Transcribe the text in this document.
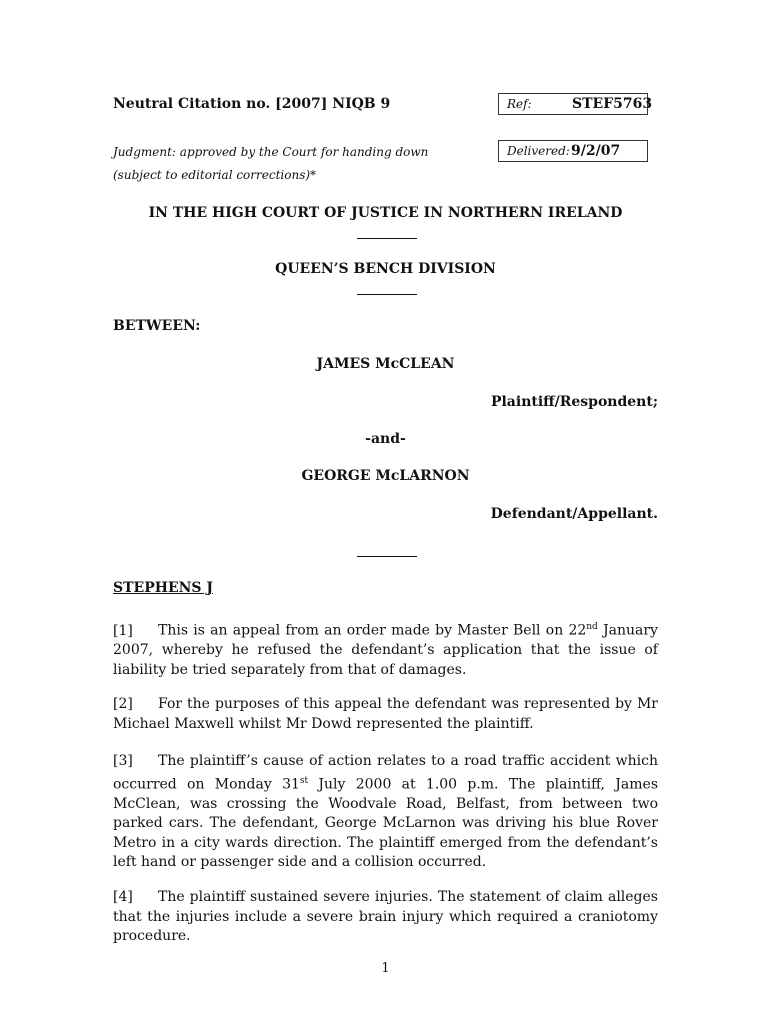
Neutral Citation no. [2007] NIQB 9
Judgment: approved by the Court for handing down
(subject to editorial corrections)*
Ref:	STEF5763
Delivered: 9/2/07
IN THE HIGH COURT OF JUSTICE IN NORTHERN IRELAND
QUEEN’S BENCH DIVISION
BETWEEN:
JAMES McCLEAN
Plaintiff/Respondent;
-and-
GEORGE McLARNON
Defendant/Appellant.
STEPHENS J
[1] This is an appeal from an order made by Master Bell on 22nd January 2007, whereby he refused the defendant’s application that the issue of liability be tried separately from that of damages.
[2] For the purposes of this appeal the defendant was represented by Mr Michael Maxwell whilst Mr Dowd represented the plaintiff.
[3] The plaintiff’s cause of action relates to a road traffic accident which occurred on Monday 31st July 2000 at 1.00 p.m. The plaintiff, James McClean, was crossing the Woodvale Road, Belfast, from between two parked cars. The defendant, George McLarnon was driving his blue Rover Metro in a city wards direction. The plaintiff emerged from the defendant’s left hand or passenger side and a collision occurred.
[4] The plaintiff sustained severe injuries. The statement of claim alleges that the injuries include a severe brain injury which required a craniotomy procedure.
1
